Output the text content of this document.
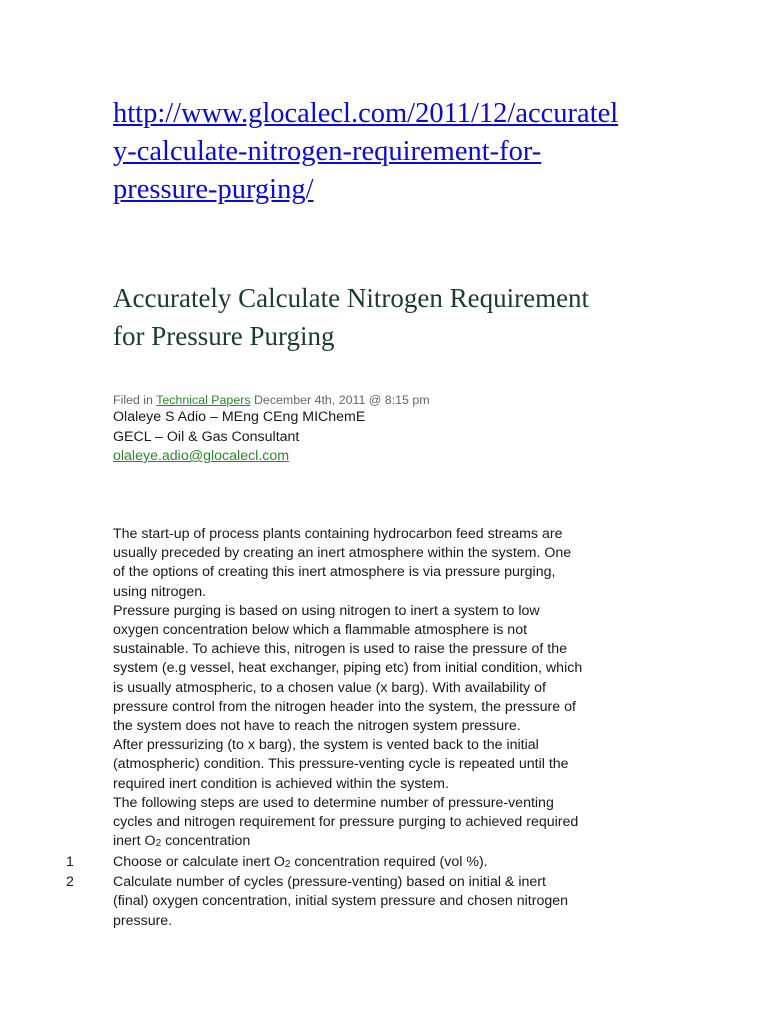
http://www.glocalecl.com/2011/12/accuratel
y-calculate-nitrogen-requirement-for-
pressure-purging/
Accurately Calculate Nitrogen Requirement
for Pressure Purging
Filed in Technical Papers December 4th, 2011 @ 8:15 pm
Olaleye S Adio – MEng CEng MIChemE
GECL – Oil & Gas Consultant
olaleye.adio@glocalecl.com
The start-up of process plants containing hydrocarbon feed streams are
usually preceded by creating an inert atmosphere within the system. One
of the options of creating this inert atmosphere is via pressure purging,
using nitrogen.
Pressure purging is based on using nitrogen to inert a system to low
oxygen concentration below which a flammable atmosphere is not
sustainable. To achieve this, nitrogen is used to raise the pressure of the
system (e.g vessel, heat exchanger, piping etc) from initial condition, which
is usually atmospheric, to a chosen value (x barg). With availability of
pressure control from the nitrogen header into the system, the pressure of
the system does not have to reach the nitrogen system pressure.
After pressurizing (to x barg), the system is vented back to the initial
(atmospheric) condition. This pressure-venting cycle is repeated until the
required inert condition is achieved within the system.
The following steps are used to determine number of pressure-venting
cycles and nitrogen requirement for pressure purging to achieved required
inert $O_2$ concentration
1	Choose or calculate inert $O_2$ concentration required (vol %).
2	Calculate number of cycles (pressure-venting) based on initial & inert
(final) oxygen concentration, initial system pressure and chosen nitrogen
pressure.
